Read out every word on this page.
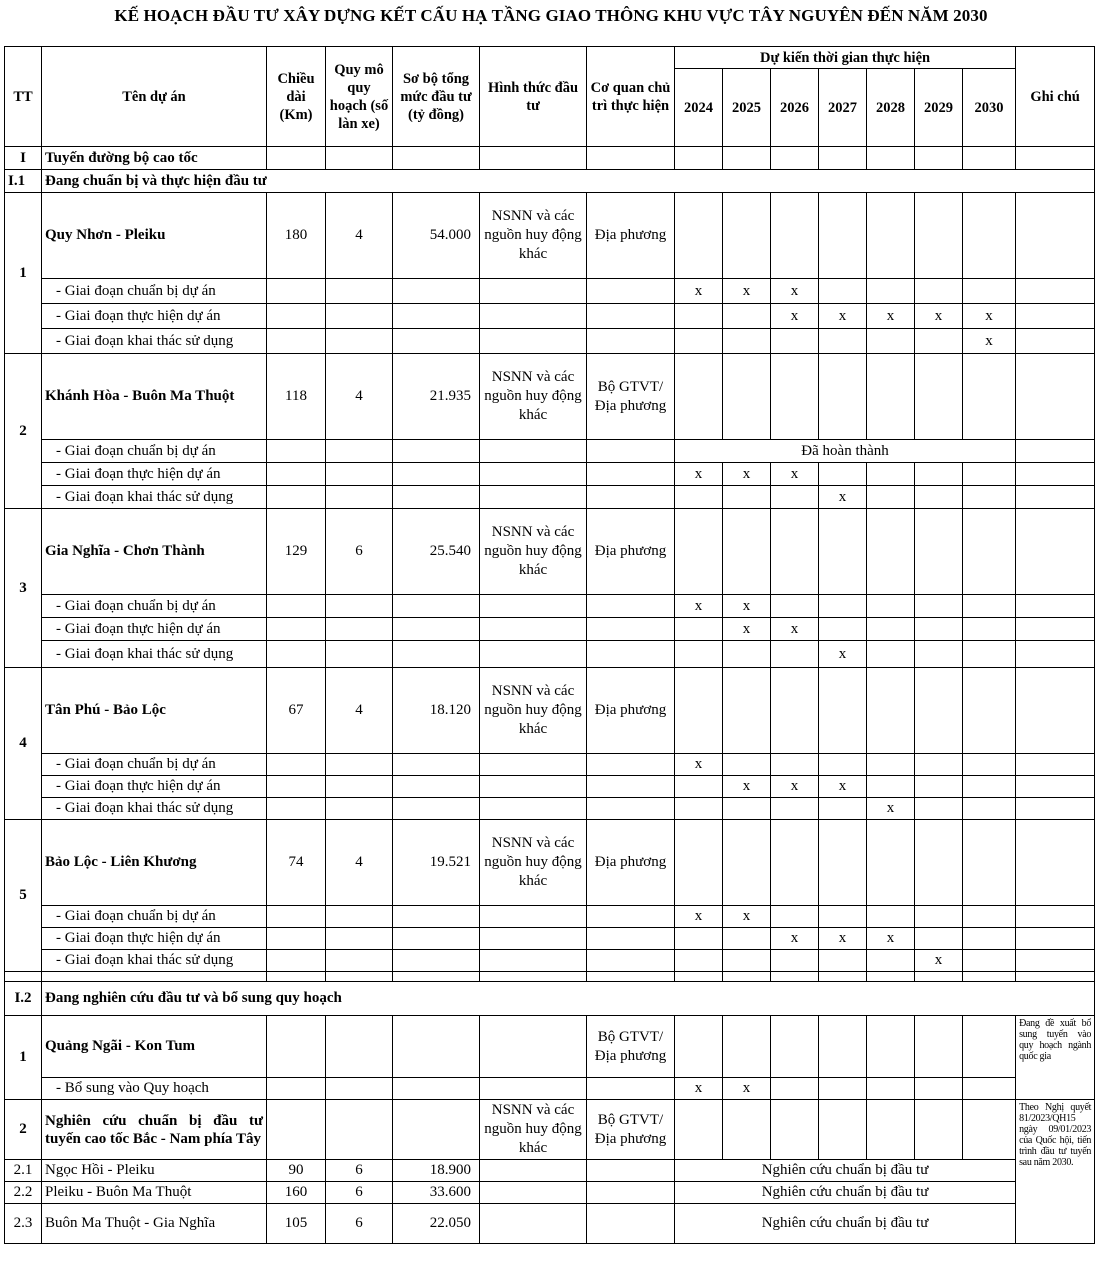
KẾ HOẠCH ĐẦU TƯ XÂY DỰNG KẾT CẤU HẠ TẦNG GIAO THÔNG KHU VỰC TÂY NGUYÊN ĐẾN NĂM 2030
TT	Tên dự án	Chiều dài (Km)	Quy mô quy hoạch (số làn xe)	Sơ bộ tổng mức đầu tư (tỷ đồng)	Hình thức đầu tư	Cơ quan chủ trì thực hiện	Dự kiến thời gian thực hiện							Ghi chú
							2024	2025	2026	2027	2028	2029	2030	
I	Tuyến đường bộ cao tốc													
I.1	Đang chuẩn bị và thực hiện đầu tư													
1	Quy Nhơn - Pleiku	180	4	54.000	NSNN và các nguồn huy động khác	Địa phương								
	- Giai đoạn chuẩn bị dự án						x	x	x					
	- Giai đoạn thực hiện dự án								x	x	x	x	x	
	- Giai đoạn khai thác sử dụng												x	
2	Khánh Hòa - Buôn Ma Thuột	118	4	21.935	NSNN và các nguồn huy động khác	Bộ GTVT/Địa phương								
	- Giai đoạn chuẩn bị dự án						Đã hoàn thành							
	- Giai đoạn thực hiện dự án						x	x	x					
	- Giai đoạn khai thác sử dụng									x				
3	Gia Nghĩa - Chơn Thành	129	6	25.540	NSNN và các nguồn huy động khác	Địa phương								
	- Giai đoạn chuẩn bị dự án						x	x						
	- Giai đoạn thực hiện dự án							x	x					
	- Giai đoạn khai thác sử dụng									x				
4	Tân Phú - Bảo Lộc	67	4	18.120	NSNN và các nguồn huy động khác	Địa phương								
	- Giai đoạn chuẩn bị dự án						x							
	- Giai đoạn thực hiện dự án							x	x	x				
	- Giai đoạn khai thác sử dụng										x			
5	Bảo Lộc - Liên Khương	74	4	19.521	NSNN và các nguồn huy động khác	Địa phương								
	- Giai đoạn chuẩn bị dự án						x	x						
	- Giai đoạn thực hiện dự án								x	x	x			
	- Giai đoạn khai thác sử dụng											x		

I.2	Đang nghiên cứu đầu tư và bổ sung quy hoạch													
1	Quảng Ngãi - Kon Tum					Bộ GTVT/Địa phương								Đang đề xuất bổ sung tuyến vào quy hoạch ngành quốc gia
	- Bổ sung vào Quy hoạch						x	x						
2	Nghiên cứu chuẩn bị đầu tư tuyến cao tốc Bắc - Nam phía Tây				NSNN và các nguồn huy động khác	Bộ GTVT/Địa phương								Theo Nghị quyết 81/2023/QH15 ngày 09/01/2023 của Quốc hội, tiến trình đầu tư tuyến sau năm 2030.
2.1	Ngọc Hồi - Pleiku	90	6	18.900			Nghiên cứu chuẩn bị đầu tư							
2.2	Pleiku - Buôn Ma Thuột	160	6	33.600			Nghiên cứu chuẩn bị đầu tư							
2.3	Buôn Ma Thuột - Gia Nghĩa	105	6	22.050			Nghiên cứu chuẩn bị đầu tư							
